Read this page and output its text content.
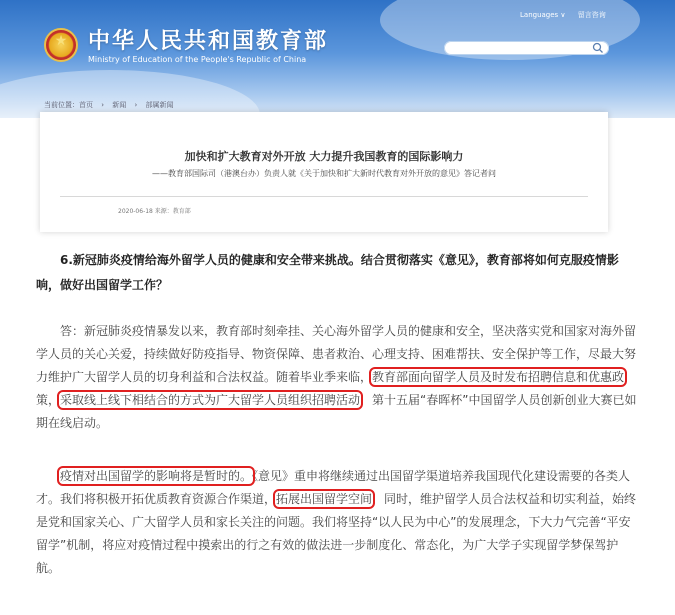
★
中华人民共和国教育部
Ministry of Education of the People's Republic of China
Languages ∨ 留言咨询
当前位置：首页 › 新闻 › 部属新闻
加快和扩大教育对外开放 大力提升我国教育的国际影响力
——教育部国际司（港澳台办）负责人就《关于加快和扩大新时代教育对外开放的意见》答记者问
2020-06-18 来源：教育部
6.新冠肺炎疫情给海外留学人员的健康和安全带来挑战。结合贯彻落实《意见》，教育部将如何克服疫情影响，做好出国留学工作？
答：新冠肺炎疫情暴发以来，教育部时刻牵挂、关心海外留学人员的健康和安全，坚决落实党和国家对海外留学人员的关心关爱，持续做好防疫指导、物资保障、患者救治、心理支持、困难帮扶、安全保护等工作，尽最大努力维护广大留学人员的切身利益和合法权益。随着毕业季来临，教育部面向留学人员及时发布招聘信息和优惠政策，采取线上线下相结合的方式为广大留学人员组织招聘活动，第十五届“春晖杯”中国留学人员创新创业大赛已如期在线启动。
疫情对出国留学的影响将是暂时的。《意见》重申将继续通过出国留学渠道培养我国现代化建设需要的各类人才。我们将积极开拓优质教育资源合作渠道，拓展出国留学空间，同时，维护留学人员合法权益和切实利益，始终是党和国家关心、广大留学人员和家长关注的问题。我们将坚持“以人民为中心”的发展理念，下大力气完善“平安留学”机制，将应对疫情过程中摸索出的行之有效的做法进一步制度化、常态化，为广大学子实现留学梦保驾护航。
